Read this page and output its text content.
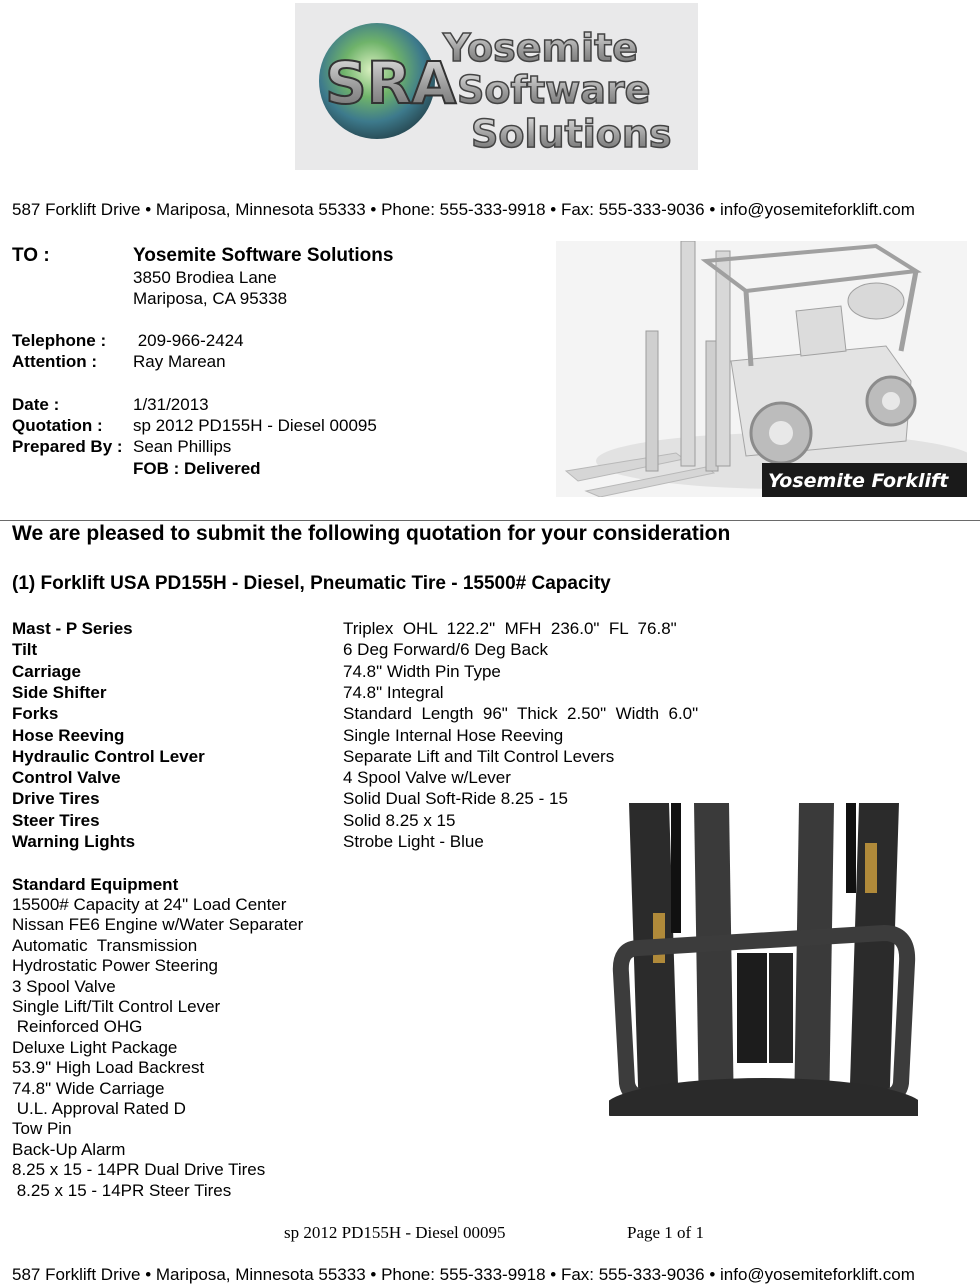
SRA
Yosemite
Software
Solutions
587 Forklift Drive • Mariposa, Minnesota 55333 • Phone: 555-333-9918 • Fax: 555-333-9036 • info@yosemiteforklift.com
TO :	Yosemite Software Solutions
3850 Brodiea Lane
Mariposa, CA 95338
Telephone : 209-966-2424
Attention : Ray Marean
Date :	1/31/2013
Quotation : sp 2012 PD155H - Diesel 00095
Prepared By : Sean Phillips
FOB : Delivered
Yosemite Forklift
We are pleased to submit the following quotation for your consideration
(1) Forklift USA PD155H - Diesel, Pneumatic Tire - 15500# Capacity
Mast - P Series	Triplex  OHL  122.2"  MFH  236.0"  FL  76.8"
Tilt	6 Deg Forward/6 Deg Back
Carriage	74.8" Width Pin Type
Side Shifter	74.8" Integral
Forks	Standard  Length  96"  Thick  2.50"  Width  6.0"
Hose Reeving	Single Internal Hose Reeving
Hydraulic Control Lever	Separate Lift and Tilt Control Levers
Control Valve	4 Spool Valve w/Lever
Drive Tires	Solid Dual Soft-Ride 8.25 - 15
Steer Tires	Solid 8.25 x 15
Warning Lights	Strobe Light - Blue
Standard Equipment
15500# Capacity at 24" Load Center
Nissan FE6 Engine w/Water Separater
Automatic  Transmission
Hydrostatic Power Steering
3 Spool Valve
Single Lift/Tilt Control Lever
Reinforced OHG
Deluxe Light Package
53.9" High Load Backrest
74.8" Wide Carriage
U.L. Approval Rated D
Tow Pin
Back-Up Alarm
8.25 x 15 - 14PR Dual Drive Tires
8.25 x 15 - 14PR Steer Tires
sp 2012 PD155H - Diesel 00095	Page 1 of 1
587 Forklift Drive • Mariposa, Minnesota 55333 • Phone: 555-333-9918 • Fax: 555-333-9036 • info@yosemiteforklift.com
